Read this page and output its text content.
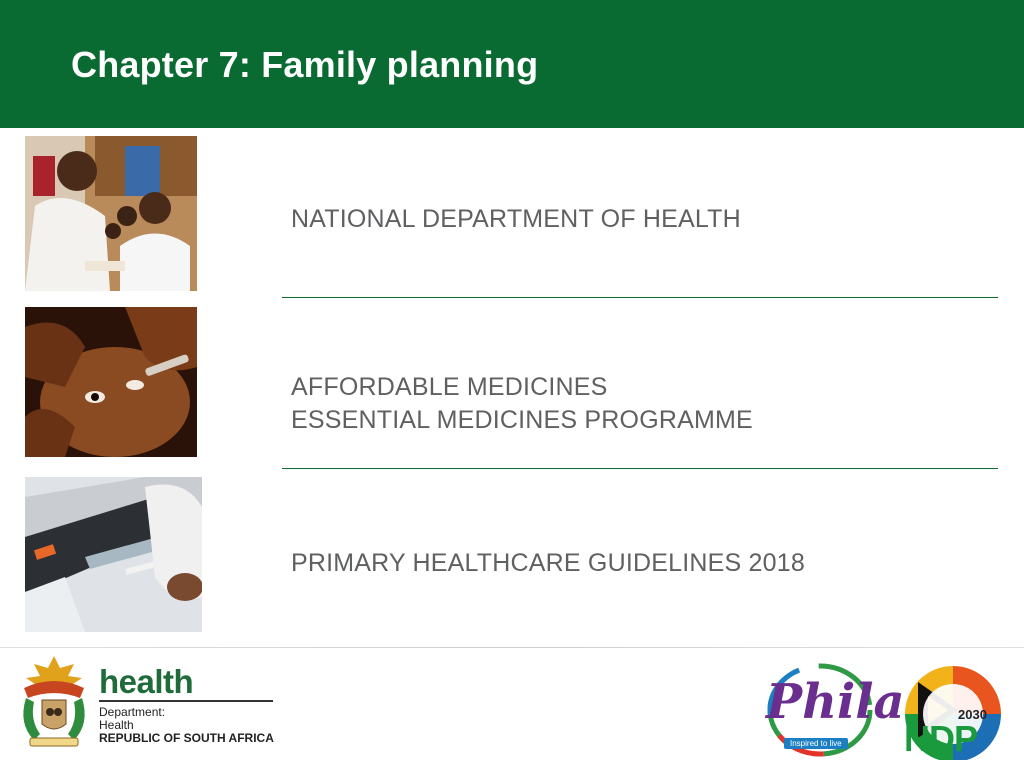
Chapter 7: Family planning
NATIONAL DEPARTMENT OF HEALTH
AFFORDABLE MEDICINES
ESSENTIAL MEDICINES PROGRAMME
PRIMARY HEALTHCARE GUIDELINES 2018
health
Department:
Health
REPUBLIC OF SOUTH AFRICA
Phila
Inspired to live
2030
NDP
